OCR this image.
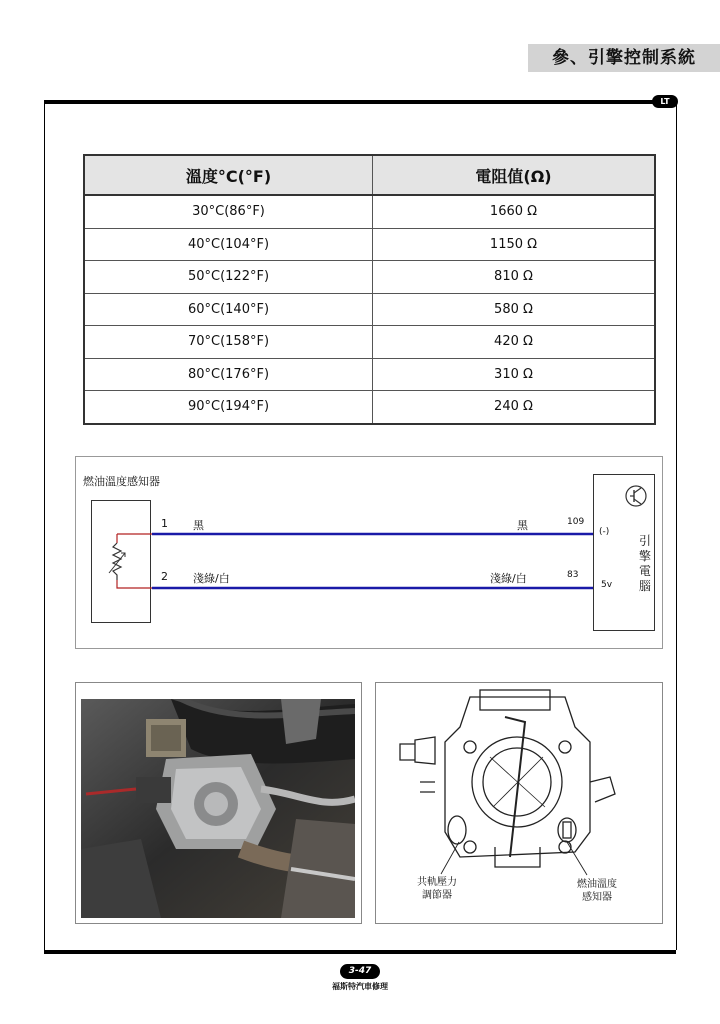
參、引擎控制系統
LT
溫度°C(°F)	電阻值(Ω)
30°C(86°F)	1660 Ω
40°C(104°F)	1150 Ω
50°C(122°F)	810 Ω
60°C(140°F)	580 Ω
70°C(158°F)	420 Ω
80°C(176°F)	310 Ω
90°C(194°F)	240 Ω
燃油溫度感知器
1 黑	黑	109
(-)
2 淺綠/白	淺綠/白	83
5v
引擎電腦
共軌壓力
調節器
燃油溫度
感知器
3-47
福斯特汽車修理
